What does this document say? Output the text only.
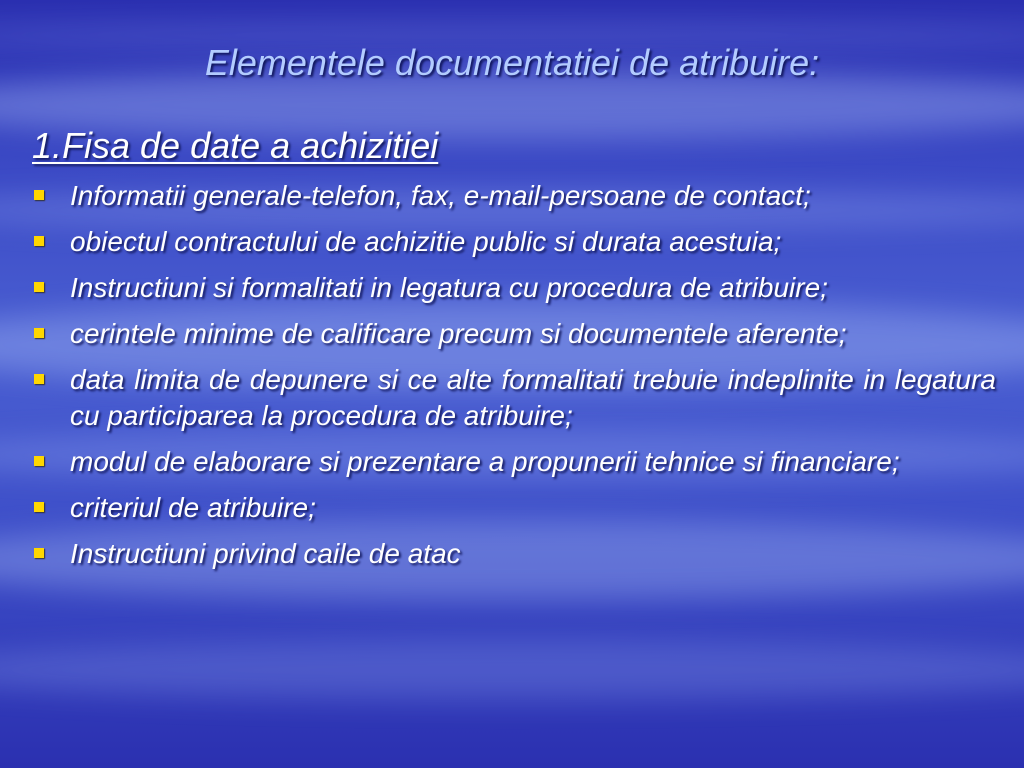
Elementele documentatiei de atribuire:
1.Fisa de date a achizitiei
Informatii generale-telefon, fax, e-mail-persoane de contact;
obiectul contractului de achizitie public si durata acestuia;
Instructiuni si formalitati in legatura cu procedura de atribuire;
cerintele minime de calificare precum si documentele aferente;
data limita de depunere si ce alte formalitati trebuie indeplinite in legatura cu participarea la procedura de atribuire;
modul de elaborare si prezentare a propunerii tehnice si financiare;
criteriul de atribuire;
Instructiuni privind caile de atac
